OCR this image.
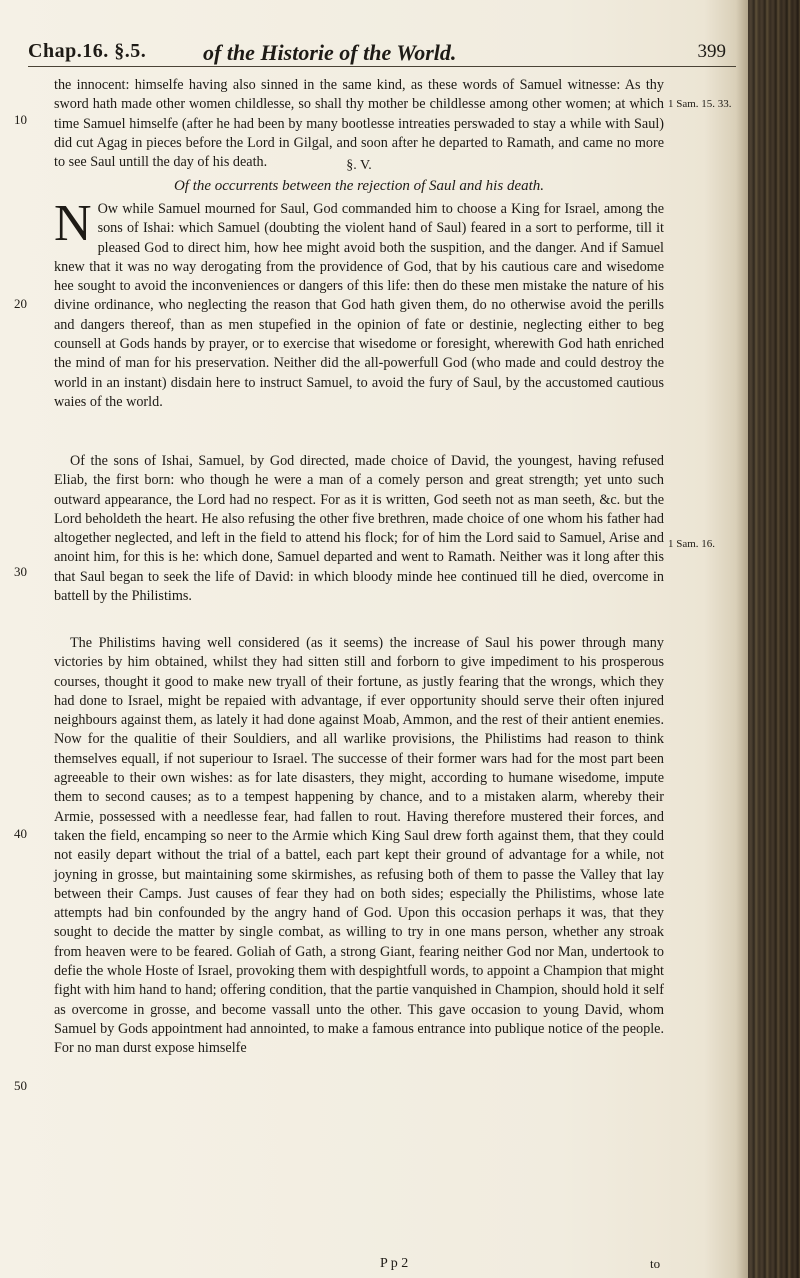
Chap.16. §.5.	of the Historie of the World.	399

the innocent: himselfe having also sinned in the same kind, as these words of Samuel witnesse: As thy sword hath made other women childlesse, so shall thy mother be childlesse among other women; at which time Samuel himselfe (after he had been by many bootlesse intreaties perswaded to stay a while with Saul) did cut Agag in pieces before the Lord in Gilgal, and soon after he departed to Ramath, and came no more to see Saul untill the day of his death.	§. V.
Of the occurrents between the rejection of Saul and his death.

N Ow while Samuel mourned for Saul, God commanded him to choose a King for Israel, among the sons of Ishai: which Samuel (doubting the violent hand of Saul) feared in a sort to performe, till it pleased God to direct him, how hee might avoid both the suspition, and the danger. And if Samuel knew that it was no way derogating from the providence of God, that by his cautious care and wisedome hee sought to avoid the inconveniences or dangers of this life: then do these men mistake the nature of his divine ordinance, who neglecting the reason that God hath given them, do no otherwise avoid the perills and dangers thereof, than as men stupefied in the opinion of fate or destinie, neglecting either to beg counsell at Gods hands by prayer, or to exercise that wisedome or foresight, wherewith God hath enriched the mind of man for his preservation. Neither did the all-powerfull God (who made and could destroy the world in an instant) disdain here to instruct Samuel, to avoid the fury of Saul, by the accustomed cautious waies of the world.

Of the sons of Ishai, Samuel, by God directed, made choice of David, the youngest, having refused Eliab, the first born: who though he were a man of a comely person and great strength; yet unto such outward appearance, the Lord had no respect. For as it is written, God seeth not as man seeth, &c. but the Lord beholdeth the heart. He also refusing the other five brethren, made choice of one whom his father had altogether neglected, and left in the field to attend his flock; for of him the Lord said to Samuel, Arise and anoint him, for this is he: which done, Samuel departed and went to Ramath. Neither was it long after this that Saul began to seek the life of David: in which bloody minde hee continued till he died, overcome in battell by the Philistims.

The Philistims having well considered (as it seems) the increase of Saul his power through many victories by him obtained, whilst they had sitten still and forborn to give impediment to his prosperous courses, thought it good to make new tryall of their fortune, as justly fearing that the wrongs, which they had done to Israel, might be repaied with advantage, if ever opportunity should serve their often injured neighbours against them, as lately it had done against Moab, Ammon, and the rest of their antient enemies. Now for the qualitie of their Souldiers, and all warlike provisions, the Philistims had reason to think themselves equall, if not superiour to Israel. The successe of their former wars had for the most part been agreeable to their own wishes: as for late disasters, they might, according to humane wisedome, impute them to second causes; as to a tempest happening by chance, and to a mistaken alarm, whereby their Armie, possessed with a needlesse fear, had fallen to rout. Having therefore mustered their forces, and taken the field, encamping so neer to the Armie which King Saul drew forth against them, that they could not easily depart without the trial of a battel, each part kept their ground of advantage for a while, not joyning in grosse, but maintaining some skirmishes, as refusing both of them to passe the Valley that lay between their Camps. Just causes of fear they had on both sides; especially the Philistims, whose late attempts had bin confounded by the angry hand of God. Upon this occasion perhaps it was, that they sought to decide the matter by single combat, as willing to try in one mans person, whether any stroak from heaven were to be feared. Goliah of Gath, a strong Giant, fearing neither God nor Man, undertook to defie the whole Hoste of Israel, provoking them with despightfull words, to appoint a Champion that might fight with him hand to hand; offering condition, that the partie vanquished in Champion, should hold it self as overcome in grosse, and become vassall unto the other. This gave occasion to young David, whom Samuel by Gods appointment had annointed, to make a famous entrance into publique notice of the people. For no man durst expose himselfe

10
20
30
40
50
1 Sam. 15. 33.
1 Sam. 16.
P p 2	to
